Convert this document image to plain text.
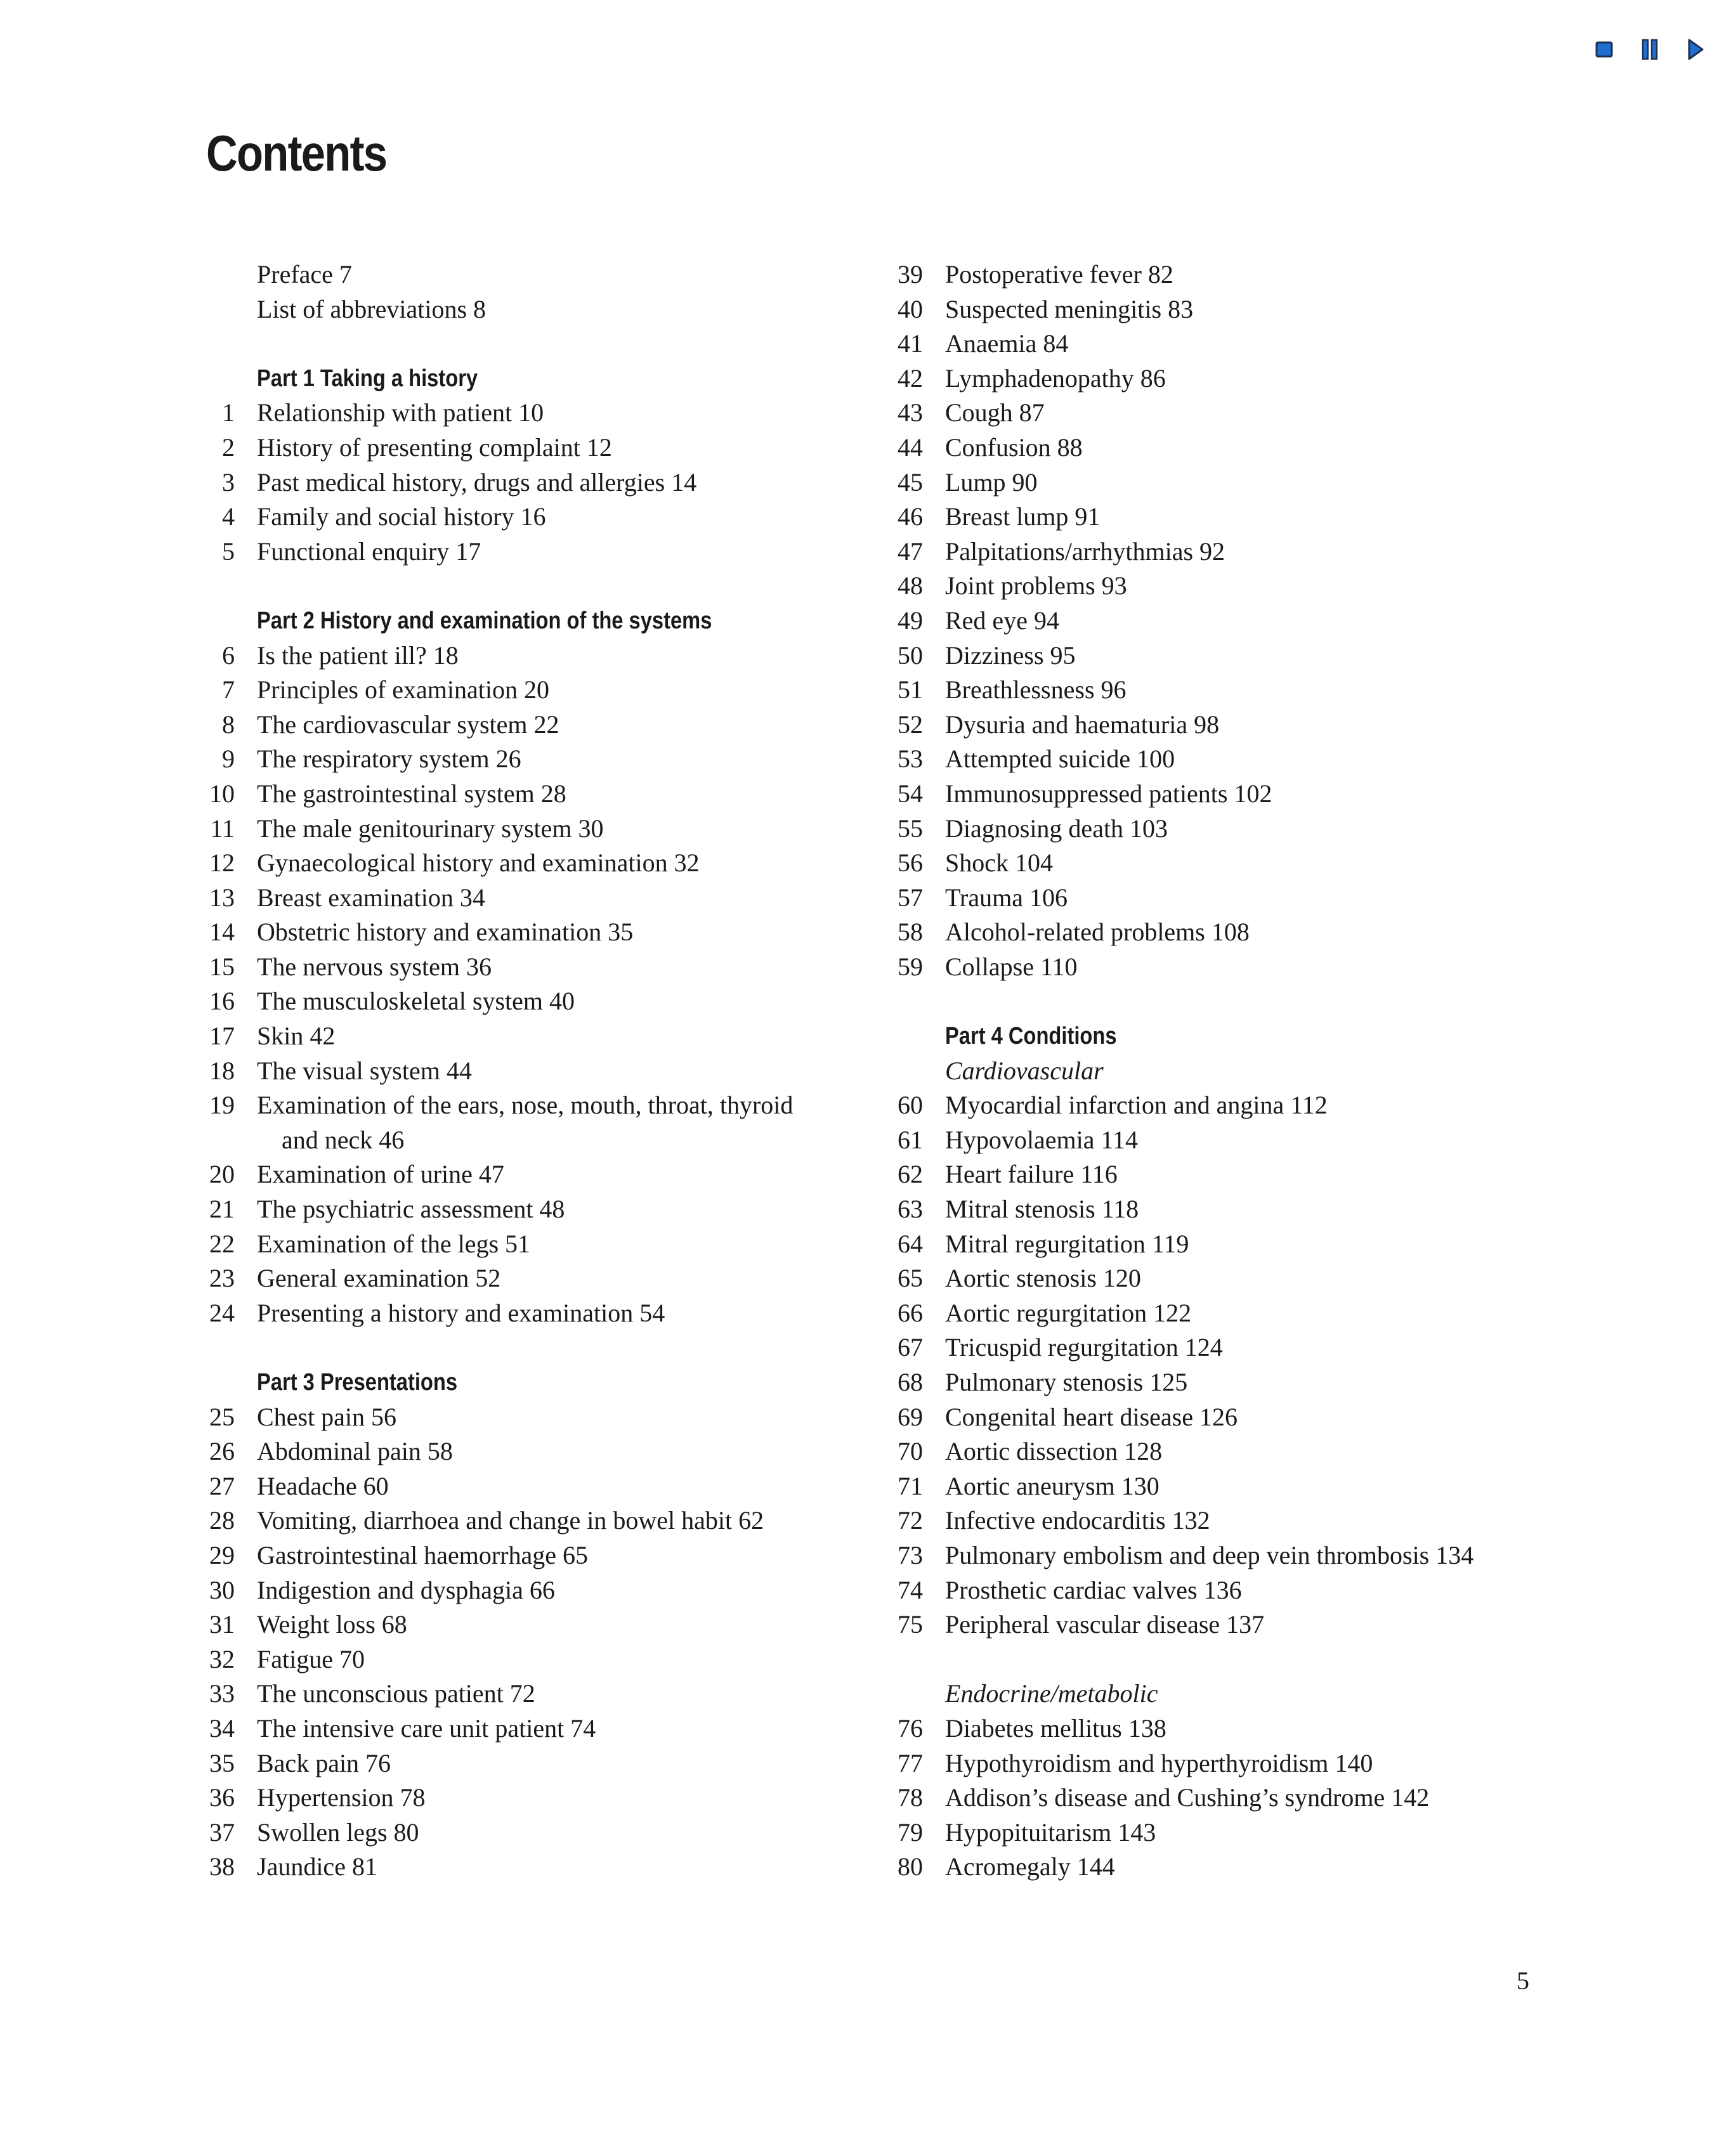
Contents
Preface 7
List of abbreviations 8
Part 1 Taking a history
1 Relationship with patient 10
2 History of presenting complaint 12
3 Past medical history, drugs and allergies 14
4 Family and social history 16
5 Functional enquiry 17
Part 2 History and examination of the systems
6 Is the patient ill? 18
7 Principles of examination 20
8 The cardiovascular system 22
9 The respiratory system 26
10 The gastrointestinal system 28
11 The male genitourinary system 30
12 Gynaecological history and examination 32
13 Breast examination 34
14 Obstetric history and examination 35
15 The nervous system 36
16 The musculoskeletal system 40
17 Skin 42
18 The visual system 44
19 Examination of the ears, nose, mouth, throat, thyroid
and neck 46
20 Examination of urine 47
21 The psychiatric assessment 48
22 Examination of the legs 51
23 General examination 52
24 Presenting a history and examination 54
Part 3 Presentations
25 Chest pain 56
26 Abdominal pain 58
27 Headache 60
28 Vomiting, diarrhoea and change in bowel habit 62
29 Gastrointestinal haemorrhage 65
30 Indigestion and dysphagia 66
31 Weight loss 68
32 Fatigue 70
33 The unconscious patient 72
34 The intensive care unit patient 74
35 Back pain 76
36 Hypertension 78
37 Swollen legs 80
38 Jaundice 81
39 Postoperative fever 82
40 Suspected meningitis 83
41 Anaemia 84
42 Lymphadenopathy 86
43 Cough 87
44 Confusion 88
45 Lump 90
46 Breast lump 91
47 Palpitations/arrhythmias 92
48 Joint problems 93
49 Red eye 94
50 Dizziness 95
51 Breathlessness 96
52 Dysuria and haematuria 98
53 Attempted suicide 100
54 Immunosuppressed patients 102
55 Diagnosing death 103
56 Shock 104
57 Trauma 106
58 Alcohol-related problems 108
59 Collapse 110
Part 4 Conditions
Cardiovascular
60 Myocardial infarction and angina 112
61 Hypovolaemia 114
62 Heart failure 116
63 Mitral stenosis 118
64 Mitral regurgitation 119
65 Aortic stenosis 120
66 Aortic regurgitation 122
67 Tricuspid regurgitation 124
68 Pulmonary stenosis 125
69 Congenital heart disease 126
70 Aortic dissection 128
71 Aortic aneurysm 130
72 Infective endocarditis 132
73 Pulmonary embolism and deep vein thrombosis 134
74 Prosthetic cardiac valves 136
75 Peripheral vascular disease 137
Endocrine/metabolic
76 Diabetes mellitus 138
77 Hypothyroidism and hyperthyroidism 140
78 Addison’s disease and Cushing’s syndrome 142
79 Hypopituitarism 143
80 Acromegaly 144
5
